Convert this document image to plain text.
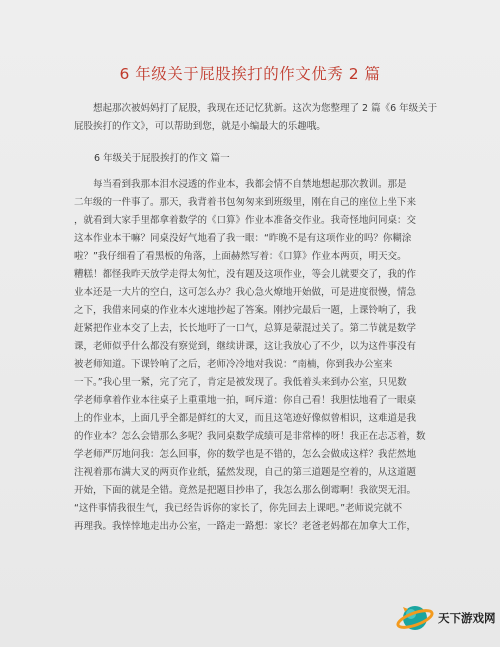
6 年级关于屁股挨打的作文优秀 2 篇
想起那次被妈妈打了屁股，我现在还记忆犹新。这次为您整理了 2 篇《6 年级关于屁股挨打的作文》，可以帮助到您，就是小编最大的乐趣哦。
6 年级关于屁股挨打的作文 篇一
每当看到我那本泪水浸透的作业本，我都会情不自禁地想起那次教训。那是
二年级的一件事了。那天，我背着书包匆匆来到班级里，刚在自己的座位上坐下来
，就看到大家手里都拿着数学的《口算》作业本准备交作业。我奇怪地问同桌：交
这本作业本干嘛？同桌没好气地看了我一眼：“昨晚不是有这项作业的吗？你糊涂
啦？”我仔细看了看黑板的角落，上面赫然写着：《口算》作业本两页，明天交。
糟糕！都怪我昨天放学走得太匆忙，没有题及这项作业，等会儿就要交了，我的作
业本还是一大片的空白，这可怎么办？我心急火燎地开始做，可是进度很慢，情急
之下，我借来同桌的作业本火速地抄起了答案。刚抄完最后一题，上课铃响了，我
赶紧把作业本交了上去，长长地吁了一口气，总算是蒙混过关了。第二节就是数学
课，老师似乎什么都没有察觉到，继续讲课，这让我放心了不少，以为这件事没有
被老师知道。下课铃响了之后，老师冷冷地对我说：“南楠，你到我办公室来
一下。”我心里一紧，完了完了，肯定是被发现了。我低着头来到办公室，只见数
学老师拿着作业本往桌子上重重地一拍，呵斥道：你自己看！我胆怯地看了一眼桌
上的作业本，上面几乎全都是鲜红的大叉，而且这笔迹好像似曾相识，这难道是我
的作业本？怎么会错那么多呢？我同桌数学成绩可是非常棒的呀！我正在忐忑着，数
学老师严厉地问我：怎么回事，你的数学也是不错的，怎么会做成这样？我茫然地
注视着那布满大叉的两页作业纸，猛然发现，自己的第三道题是空着的，从这道题
开始，下面的就是全错。竟然是把题目抄串了，我怎么那么倒霉啊！我欲哭无泪。
“这件事情我很生气，我已经告诉你的家长了，你先回去上课吧。”老师说完就不
再理我。我悻悻地走出办公室，一路走一路想：家长？老爸老妈都在加拿大工作，
天下游戏网
